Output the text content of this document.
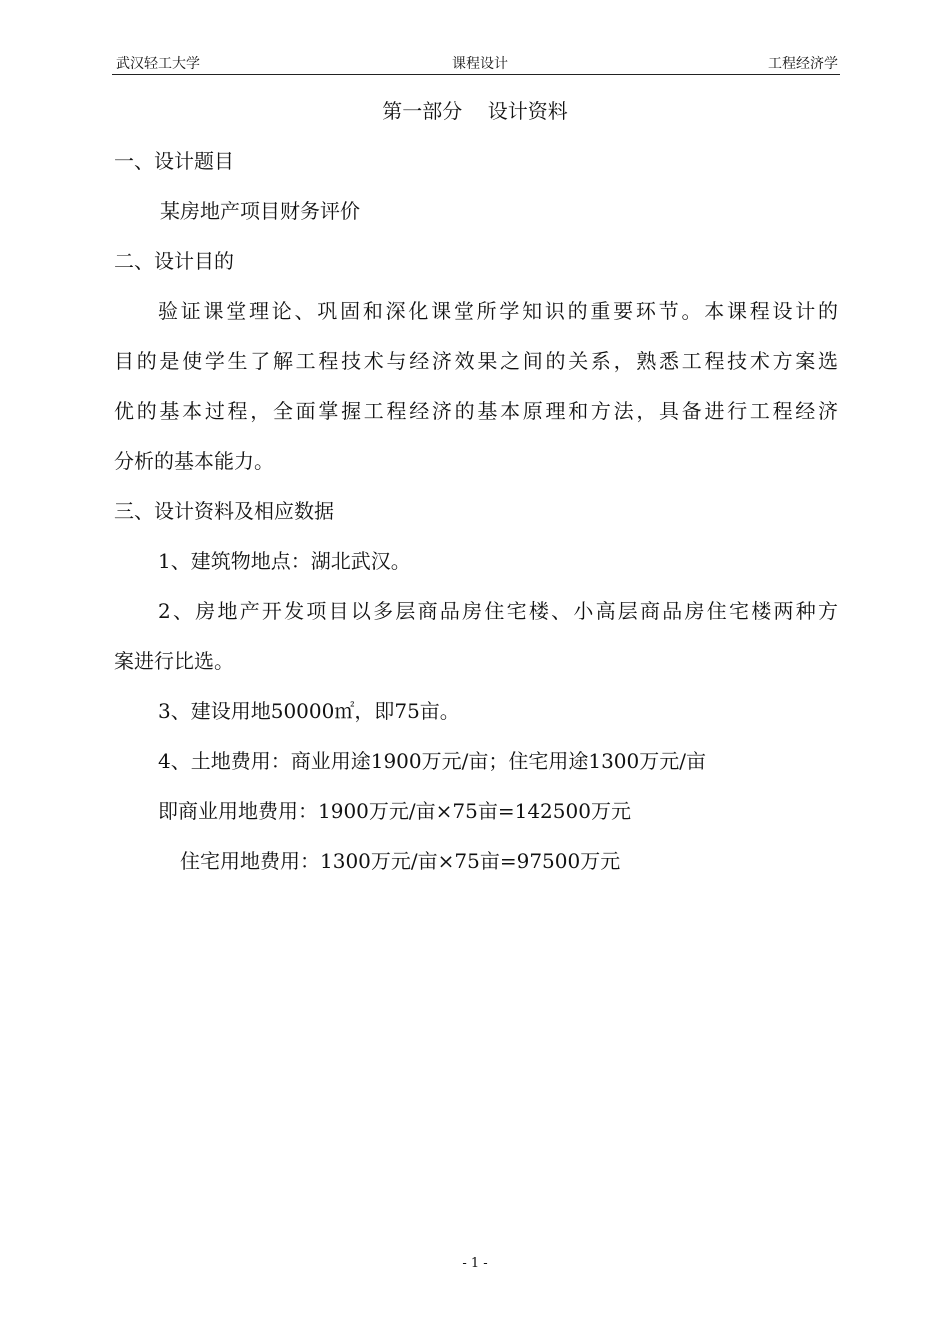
武汉轻工大学	课程设计	工程经济学
第一部分    设计资料
一、设计题目
某房地产项目财务评价
二、设计目的
验证课堂理论、巩固和深化课堂所学知识的重要环节。本课程设计的
目的是使学生了解工程技术与经济效果之间的关系，熟悉工程技术方案选
优的基本过程，全面掌握工程经济的基本原理和方法，具备进行工程经济
分析的基本能力。
三、设计资料及相应数据
1、建筑物地点：湖北武汉。
2、房地产开发项目以多层商品房住宅楼、小高层商品房住宅楼两种方
案进行比选。
3、建设用地50000㎡，即75亩。
4、土地费用：商业用途1900万元/亩；住宅用途1300万元/亩
即商业用地费用：1900万元/亩×75亩=142500万元
住宅用地费用：1300万元/亩×75亩=97500万元
- 1 -
